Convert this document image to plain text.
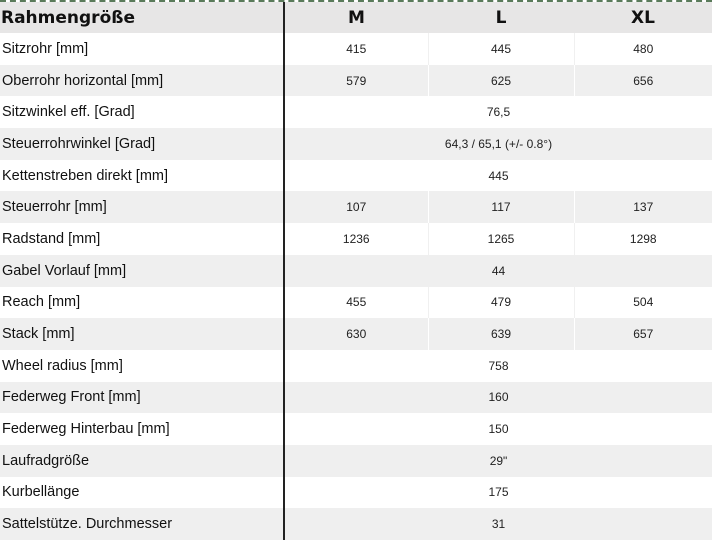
Rahmengröße	M	L	XL
Sitzrohr [mm]	415	445	480
Oberrohr horizontal [mm]	579	625	656
Sitzwinkel eff. [Grad]	76,5		
Steuerrohrwinkel [Grad]	64,3 / 65,1 (+/- 0.8°)		
Kettenstreben direkt [mm]	445		
Steuerrohr [mm]	107	117	137
Radstand [mm]	1236	1265	1298
Gabel Vorlauf [mm]	44		
Reach [mm]	455	479	504
Stack [mm]	630	639	657
Wheel radius [mm]	758		
Federweg Front [mm]	160		
Federweg Hinterbau [mm]	150		
Laufradgröße	29"		
Kurbellänge	175		
Sattelstütze. Durchmesser	31		
